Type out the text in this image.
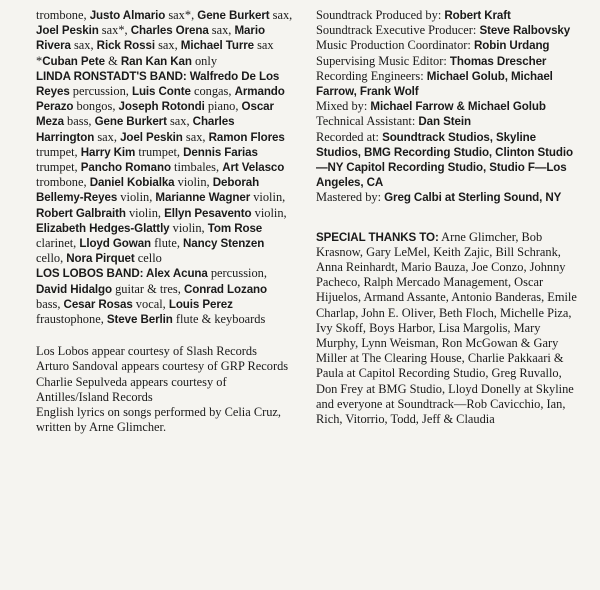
trombone, Justo Almario sax*, Gene Burkert sax, Joel Peskin sax*, Charles Orena sax, Mario Rivera sax, Rick Rossi sax, Michael Turre sax

*Cuban Pete & Ran Kan Kan only

LINDA RONSTADT'S BAND: Walfredo De Los Reyes percussion, Luis Conte congas, Armando Perazo bongos, Joseph Rotondi piano, Oscar Meza bass, Gene Burkert sax, Charles Harrington sax, Joel Peskin sax, Ramon Flores trumpet, Harry Kim trumpet, Dennis Farias trumpet, Pancho Romano timbales, Art Velasco trombone, Daniel Kobialka violin, Deborah Bellemy-Reyes violin, Marianne Wagner violin, Robert Galbraith violin, Ellyn Pesavento violin, Elizabeth Hedges-Glattly violin, Tom Rose clarinet, Lloyd Gowan flute, Nancy Stenzen cello, Nora Pirquet cello

LOS LOBOS BAND: Alex Acuna percussion, David Hidalgo guitar & tres, Conrad Lozano bass, Cesar Rosas vocal, Louis Perez fraustophone, Steve Berlin flute & keyboards

Los Lobos appear courtesy of Slash Records

Arturo Sandoval appears courtesy of GRP Records

Charlie Sepulveda appears courtesy of Antilles/Island Records

English lyrics on songs performed by Celia Cruz, written by Arne Glimcher.

Soundtrack Produced by: Robert Kraft

Soundtrack Executive Producer: Steve Ralbovsky

Music Production Coordinator: Robin Urdang

Supervising Music Editor: Thomas Drescher

Recording Engineers: Michael Golub, Michael Farrow, Frank Wolf

Mixed by: Michael Farrow & Michael Golub

Technical Assistant: Dan Stein

Recorded at: Soundtrack Studios, Skyline Studios, BMG Recording Studio, Clinton Studio—NY Capitol Recording Studio, Studio F—Los Angeles, CA

Mastered by: Greg Calbi at Sterling Sound, NY

SPECIAL THANKS TO: Arne Glimcher, Bob Krasnow, Gary LeMel, Keith Zajic, Bill Schrank, Anna Reinhardt, Mario Bauza, Joe Conzo, Johnny Pacheco, Ralph Mercado Management, Oscar Hijuelos, Armand Assante, Antonio Banderas, Emile Charlap, John E. Oliver, Beth Floch, Michelle Piza, Ivy Skoff, Boys Harbor, Lisa Margolis, Mary Murphy, Lynn Weisman, Ron McGowan & Gary Miller at The Clearing House, Charlie Pakkaari & Paula at Capitol Recording Studio, Greg Ruvallo, Don Frey at BMG Studio, Lloyd Donelly at Skyline and everyone at Soundtrack—Rob Cavicchio, Ian, Rich, Vitorrio, Todd, Jeff & Claudia
